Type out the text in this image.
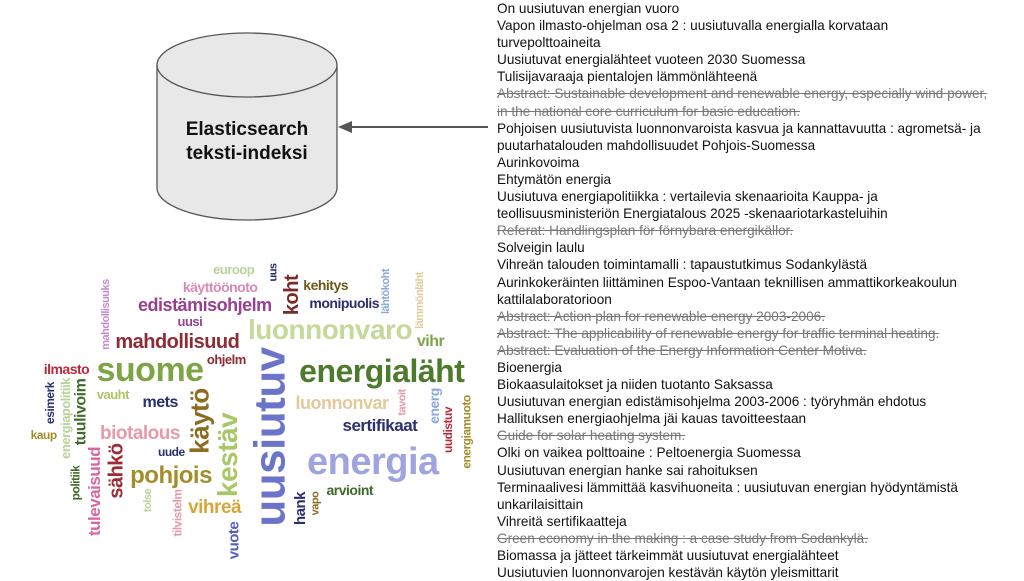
Elasticsearch
teksti-indeksi
On uusiutuvan energian vuoro
Vapon ilmasto-ohjelman osa 2 : uusiutuvalla energialla korvataan turvepolttoaineita
Uusiutuvat energialähteet vuoteen 2030 Suomessa
Tulisijavaraaja pientalojen lämmönlähteenä
Abstract: Sustainable development and renewable energy, especially wind power, in the national core curriculum for basic education.
Pohjoisen uusiutuvista luonnonvaroista kasvua ja kannattavuutta : agrometsä- ja puutarhatalouden mahdollisuudet Pohjois-Suomessa
Aurinkovoima
Ehtymätön energia
Uusiutuva energiapolitiikka : vertailevia skenaarioita Kauppa- ja teollisuusministeriön Energiatalous 2025 -skenaariotarkasteluihin
Referat: Handlingsplan för förnybara energikällor.
Solveigin laulu
Vihreän talouden toimintamalli : tapaustutkimus Sodankylästä
Aurinkokeräinten liittäminen Espoo-Vantaan teknillisen ammattikorkeakoulun kattilalaboratorioon
Abstract: Action plan for renewable energy 2003-2006.
Abstract: The applicability of renewable energy for traffic terminal heating.
Abstract: Evaluation of the Energy Information Center Motiva.
Bioenergia
Biokaasulaitokset ja niiden tuotanto Saksassa
Uusiutuvan energian edistämisohjelma 2003-2006 : työryhmän ehdotus
Hallituksen energiaohjelma jäi kauas tavoitteestaan
Guide for solar heating system.
Olki on vaikea polttoaine : Peltoenergia Suomessa
Uusiutuvan energian hanke sai rahoituksen
Terminaalivesi lämmittää kasvihuoneita : uusiutuvan energian hyödyntämistä unkarilaisittain
Vihreitä sertifikaatteja
Green economy in the making : a case study from Sodankylä.
Biomassa ja jätteet tärkeimmät uusiutuvat energialähteet
Uusiutuvien luonnonvarojen kestävän käytön yleismittarit
uusiutuv energialäht
energia
luonnonvaro
suome
kestäv
käytö
mahdollisuud
edistämisohjelm
pohjois
biotalous	sertifikaat
luonnonvar
koht
vihreä
sähkö
tulevaisuud
tuulivoim
vuote
hank
kehitys
käyttöönoto
ilmasto
mets
vihr
energ
arvioint
monipuolis
energiapolitiik
ohjelm
uusi
euroop
uudistuv energiamuoto
tilvistelm
politiik
vauht
esimerk
kaup
uude
vapo
lämmönläht
lähtökoht
uus
mahdollisuuks
tavoit
tolse
